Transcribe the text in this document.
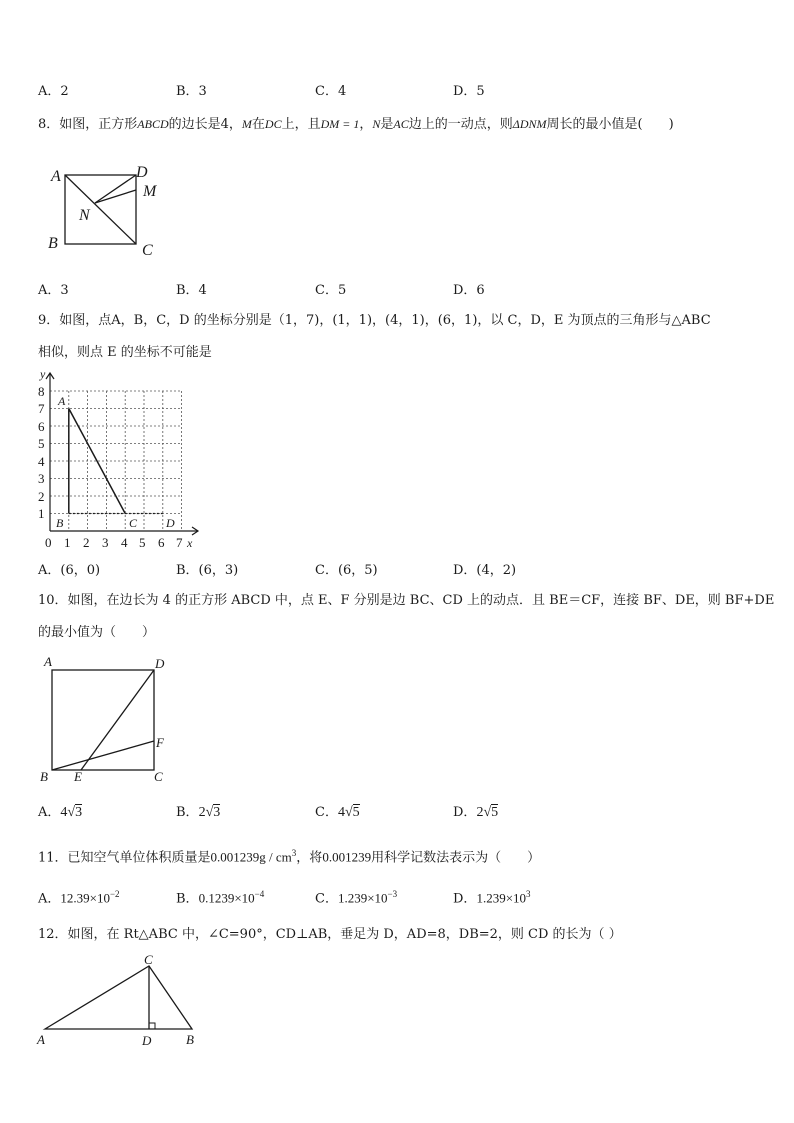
A．2	B．3	C．4	D．5
8．如图，正方形ABCD的边长是4，M在DC上，且DM = 1，N是AC边上的一动点，则ΔDNM周长的最小值是(　　)
A	D
M
N
B	C
A．3	B．4	C．5	D．6
9．如图，点A，B，C，D 的坐标分别是（1，7)，(1，1)，(4，1)，(6，1)，以 C，D，E 为顶点的三角形与△ABC
相似，则点 E 的坐标不可能是
8
7
6
5
4
3
2
1
0 1 2 3 4 5 6 7 x
y
A
B	C D
A．(6，0)	B．(6，3)	C．(6，5)	D．(4，2)
10．如图，在边长为 4 的正方形 ABCD 中，点 E、F 分别是边 BC、CD 上的动点．且 BE＝CF，连接 BF、DE，则 BF+DE
的最小值为（　　）
A	D
F
B E	C
A．4√3	B．2√3	C．4√5	D．2√5
11．已知空气单位体积质量是$0.001239g / cm^3$，将0.001239用科学记数法表示为（　　）
A．$12.39\times 10^{-2}$	B．$0.1239\times 10^{-4}$	C．$1.239\times 10^{-3}$	D．$1.239\times 10^3$
12．如图，在 Rt△ABC 中，∠C=90°，CD⊥AB，垂足为 D，AD=8，DB=2，则 CD 的长为（ ）
C
A	D	B
